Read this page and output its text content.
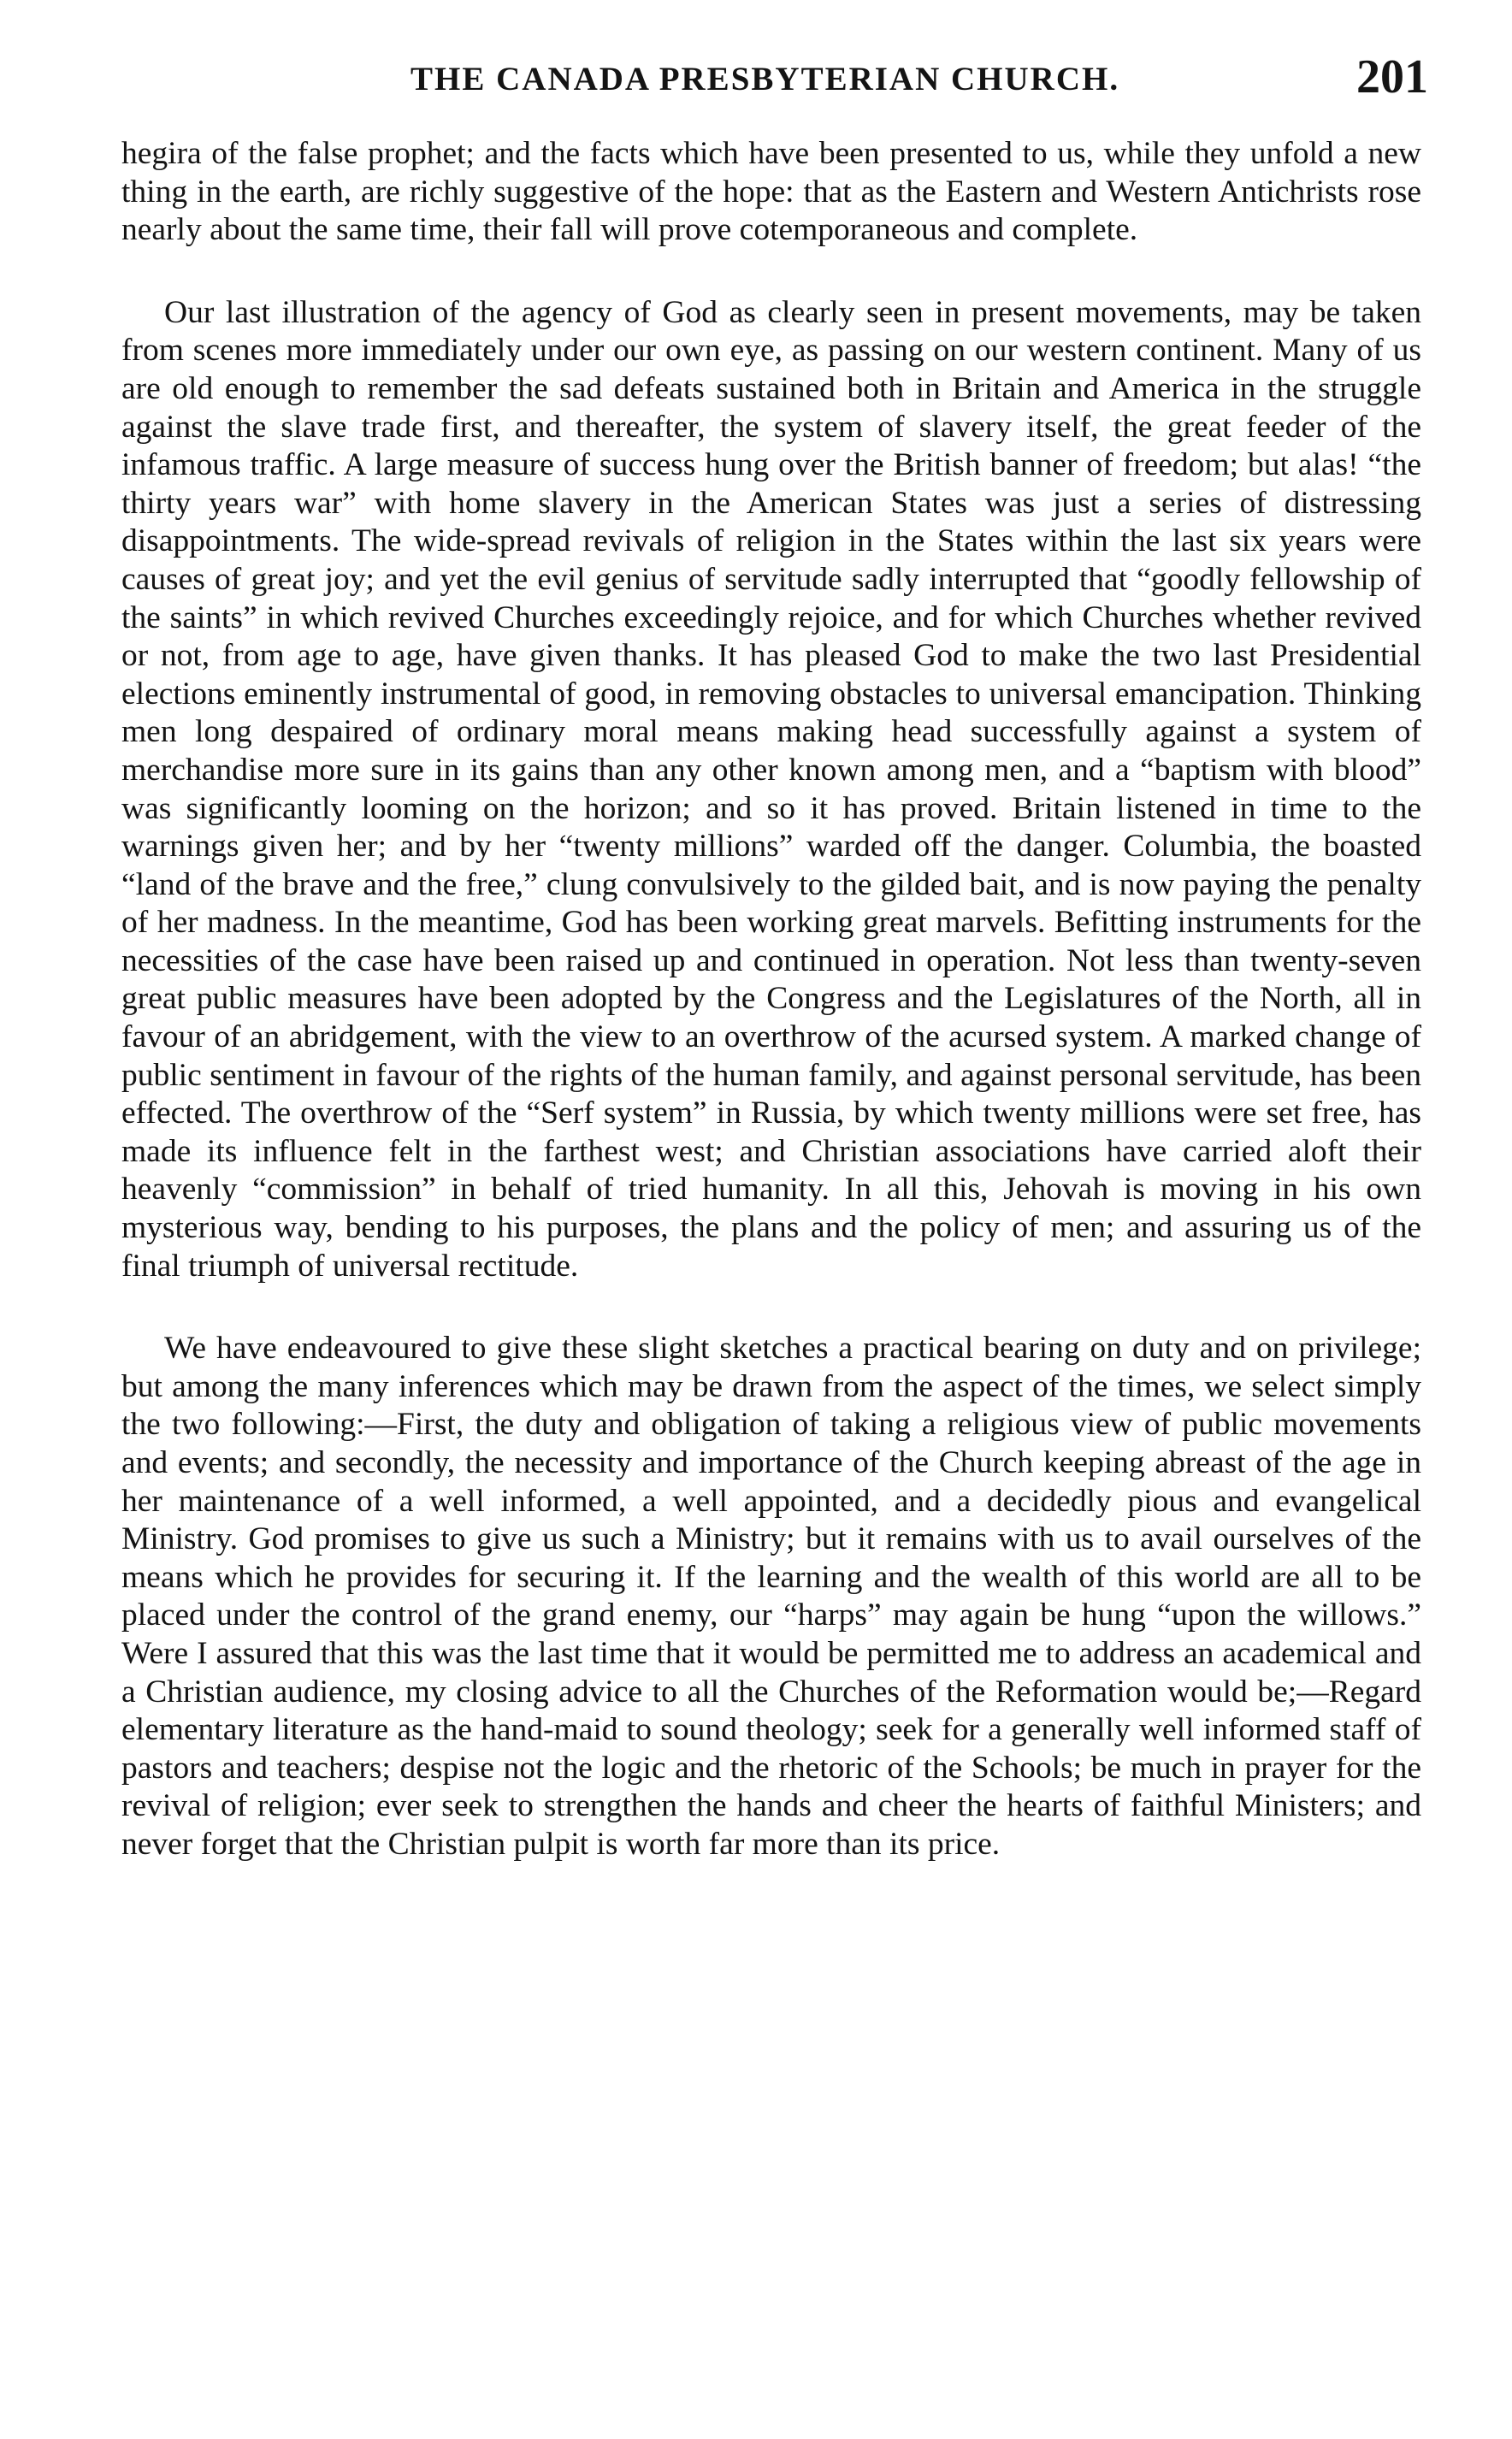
THE CANADA PRESBYTERIAN CHURCH.	201

hegira of the false prophet; and the facts which have been presented to us, while they unfold a new thing in the earth, are richly suggestive of the hope: that as the Eastern and Western Antichrists rose nearly about the same time, their fall will prove cotemporaneous and complete.

Our last illustration of the agency of God as clearly seen in present movements, may be taken from scenes more immediately under our own eye, as passing on our western continent. Many of us are old enough to remember the sad defeats sustained both in Britain and America in the struggle against the slave trade first, and thereafter, the system of slavery itself, the great feeder of the infamous traffic. A large measure of success hung over the British banner of freedom; but alas! “the thirty years war” with home slavery in the American States was just a series of distressing disappointments. The wide-spread revivals of religion in the States within the last six years were causes of great joy; and yet the evil genius of servitude sadly interrupted that “goodly fellowship of the saints” in which revived Churches exceedingly rejoice, and for which Churches whether revived or not, from age to age, have given thanks. It has pleased God to make the two last Presidential elections eminently instrumental of good, in removing obstacles to universal emancipation. Thinking men long despaired of ordinary moral means making head successfully against a system of merchandise more sure in its gains than any other known among men, and a “baptism with blood” was significantly looming on the horizon; and so it has proved. Britain listened in time to the warnings given her; and by her “twenty millions” warded off the danger. Columbia, the boasted “land of the brave and the free,” clung convulsively to the gilded bait, and is now paying the penalty of her madness. In the meantime, God has been working great marvels. Befitting instruments for the necessities of the case have been raised up and continued in operation. Not less than twenty-seven great public measures have been adopted by the Congress and the Legislatures of the North, all in favour of an abridgement, with the view to an overthrow of the acursed system. A marked change of public sentiment in favour of the rights of the human family, and against personal servitude, has been effected. The overthrow of the “Serf system” in Russia, by which twenty millions were set free, has made its influence felt in the farthest west; and Christian associations have carried aloft their heavenly “commission” in behalf of tried humanity. In all this, Jehovah is moving in his own mysterious way, bending to his purposes, the plans and the policy of men; and assuring us of the final triumph of universal rectitude.

We have endeavoured to give these slight sketches a practical bearing on duty and on privilege; but among the many inferences which may be drawn from the aspect of the times, we select simply the two following:—First, the duty and obligation of taking a religious view of public movements and events; and secondly, the necessity and importance of the Church keeping abreast of the age in her maintenance of a well informed, a well appointed, and a decidedly pious and evangelical Ministry. God promises to give us such a Ministry; but it remains with us to avail ourselves of the means which he provides for securing it. If the learning and the wealth of this world are all to be placed under the control of the grand enemy, our “harps” may again be hung “upon the willows.” Were I assured that this was the last time that it would be permitted me to address an academical and a Christian audience, my closing advice to all the Churches of the Reformation would be;—Regard elementary literature as the hand-maid to sound theology; seek for a generally well informed staff of pastors and teachers; despise not the logic and the rhetoric of the Schools; be much in prayer for the revival of religion; ever seek to strengthen the hands and cheer the hearts of faithful Ministers; and never forget that the Christian pulpit is worth far more than its price.
